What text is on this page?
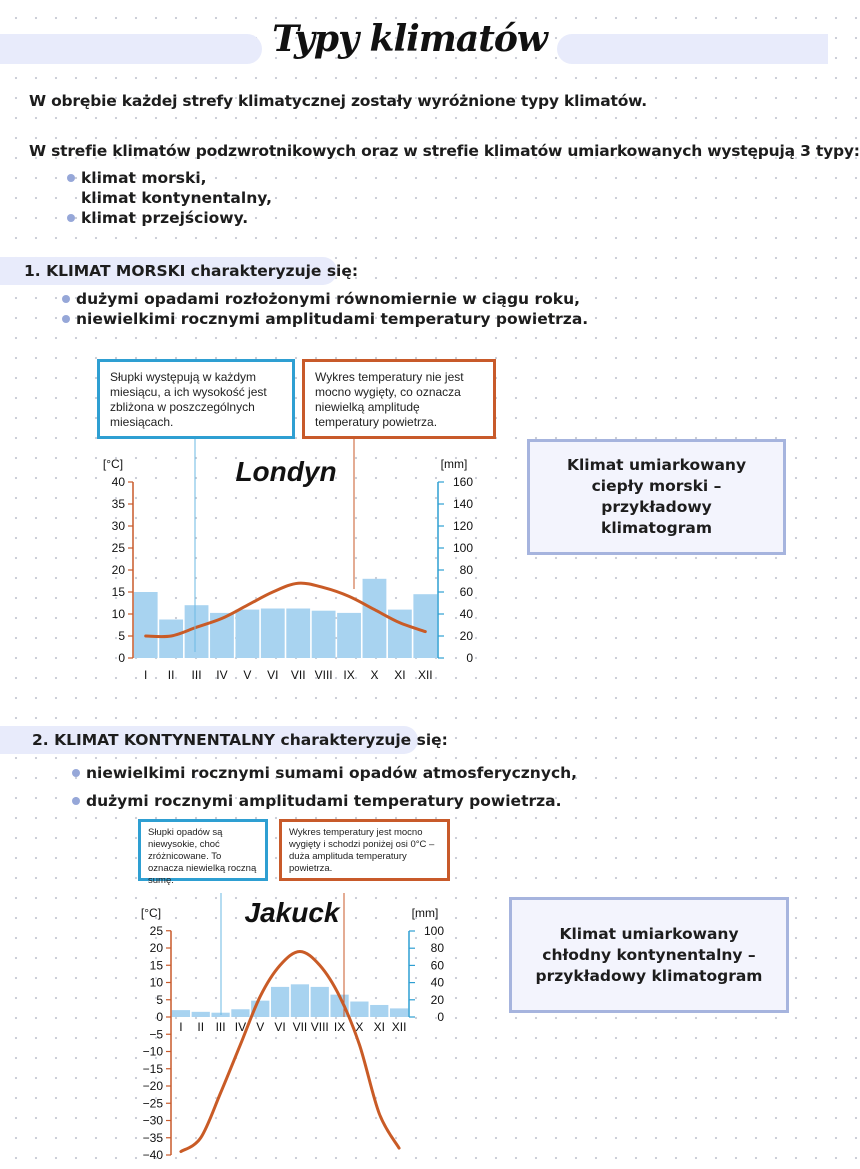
Typy klimatów
W obrębie każdej strefy klimatycznej zostały wyróżnione typy klimatów.
W strefie klimatów podzwrotnikowych oraz w strefie klimatów umiarkowanych występują 3 typy:
klimat morski,
klimat kontynentalny,
klimat przejściowy.
1. KLIMAT MORSKI charakteryzuje się:
dużymi opadami rozłożonymi równomiernie w ciągu roku,
niewielkimi rocznymi amplitudami temperatury powietrza.
Słupki występują w każdym miesiącu, a ich wysokość jest zbliżona w poszczególnych miesiącach.
Wykres temperatury nie jest mocno wygięty, co oznacza niewielką amplitudę temperatury powietrza.
Klimat umiarkowany ciepły morski – przykładowy klimatogram
0
5
10
15
20
25
30
35
40
[°C]
0
20
40
60
80
100
120
140
160
[mm]
I II III IV V VI VII VIII IX X XI XII
Londyn
2. KLIMAT KONTYNENTALNY charakteryzuje się:
niewielkimi rocznymi sumami opadów atmosferycznych,
dużymi rocznymi amplitudami temperatury powietrza.
Słupki opadów są niewysokie, choć zróżnicowane. To oznacza niewielką roczną sumę.
Wykres temperatury jest mocno wygięty i schodzi poniżej osi 0°C – duża amplituda temperatury powietrza.
Klimat umiarkowany chłodny kontynentalny – przykładowy klimatogram
25
20
15
10
5
0
−5
−10
−15
−20
−25
−30
−35
−40
[°C]
0
20
40
60
80
100
[mm]
I II III IV V VI VII VIII IX X XI XII
Jakuck
